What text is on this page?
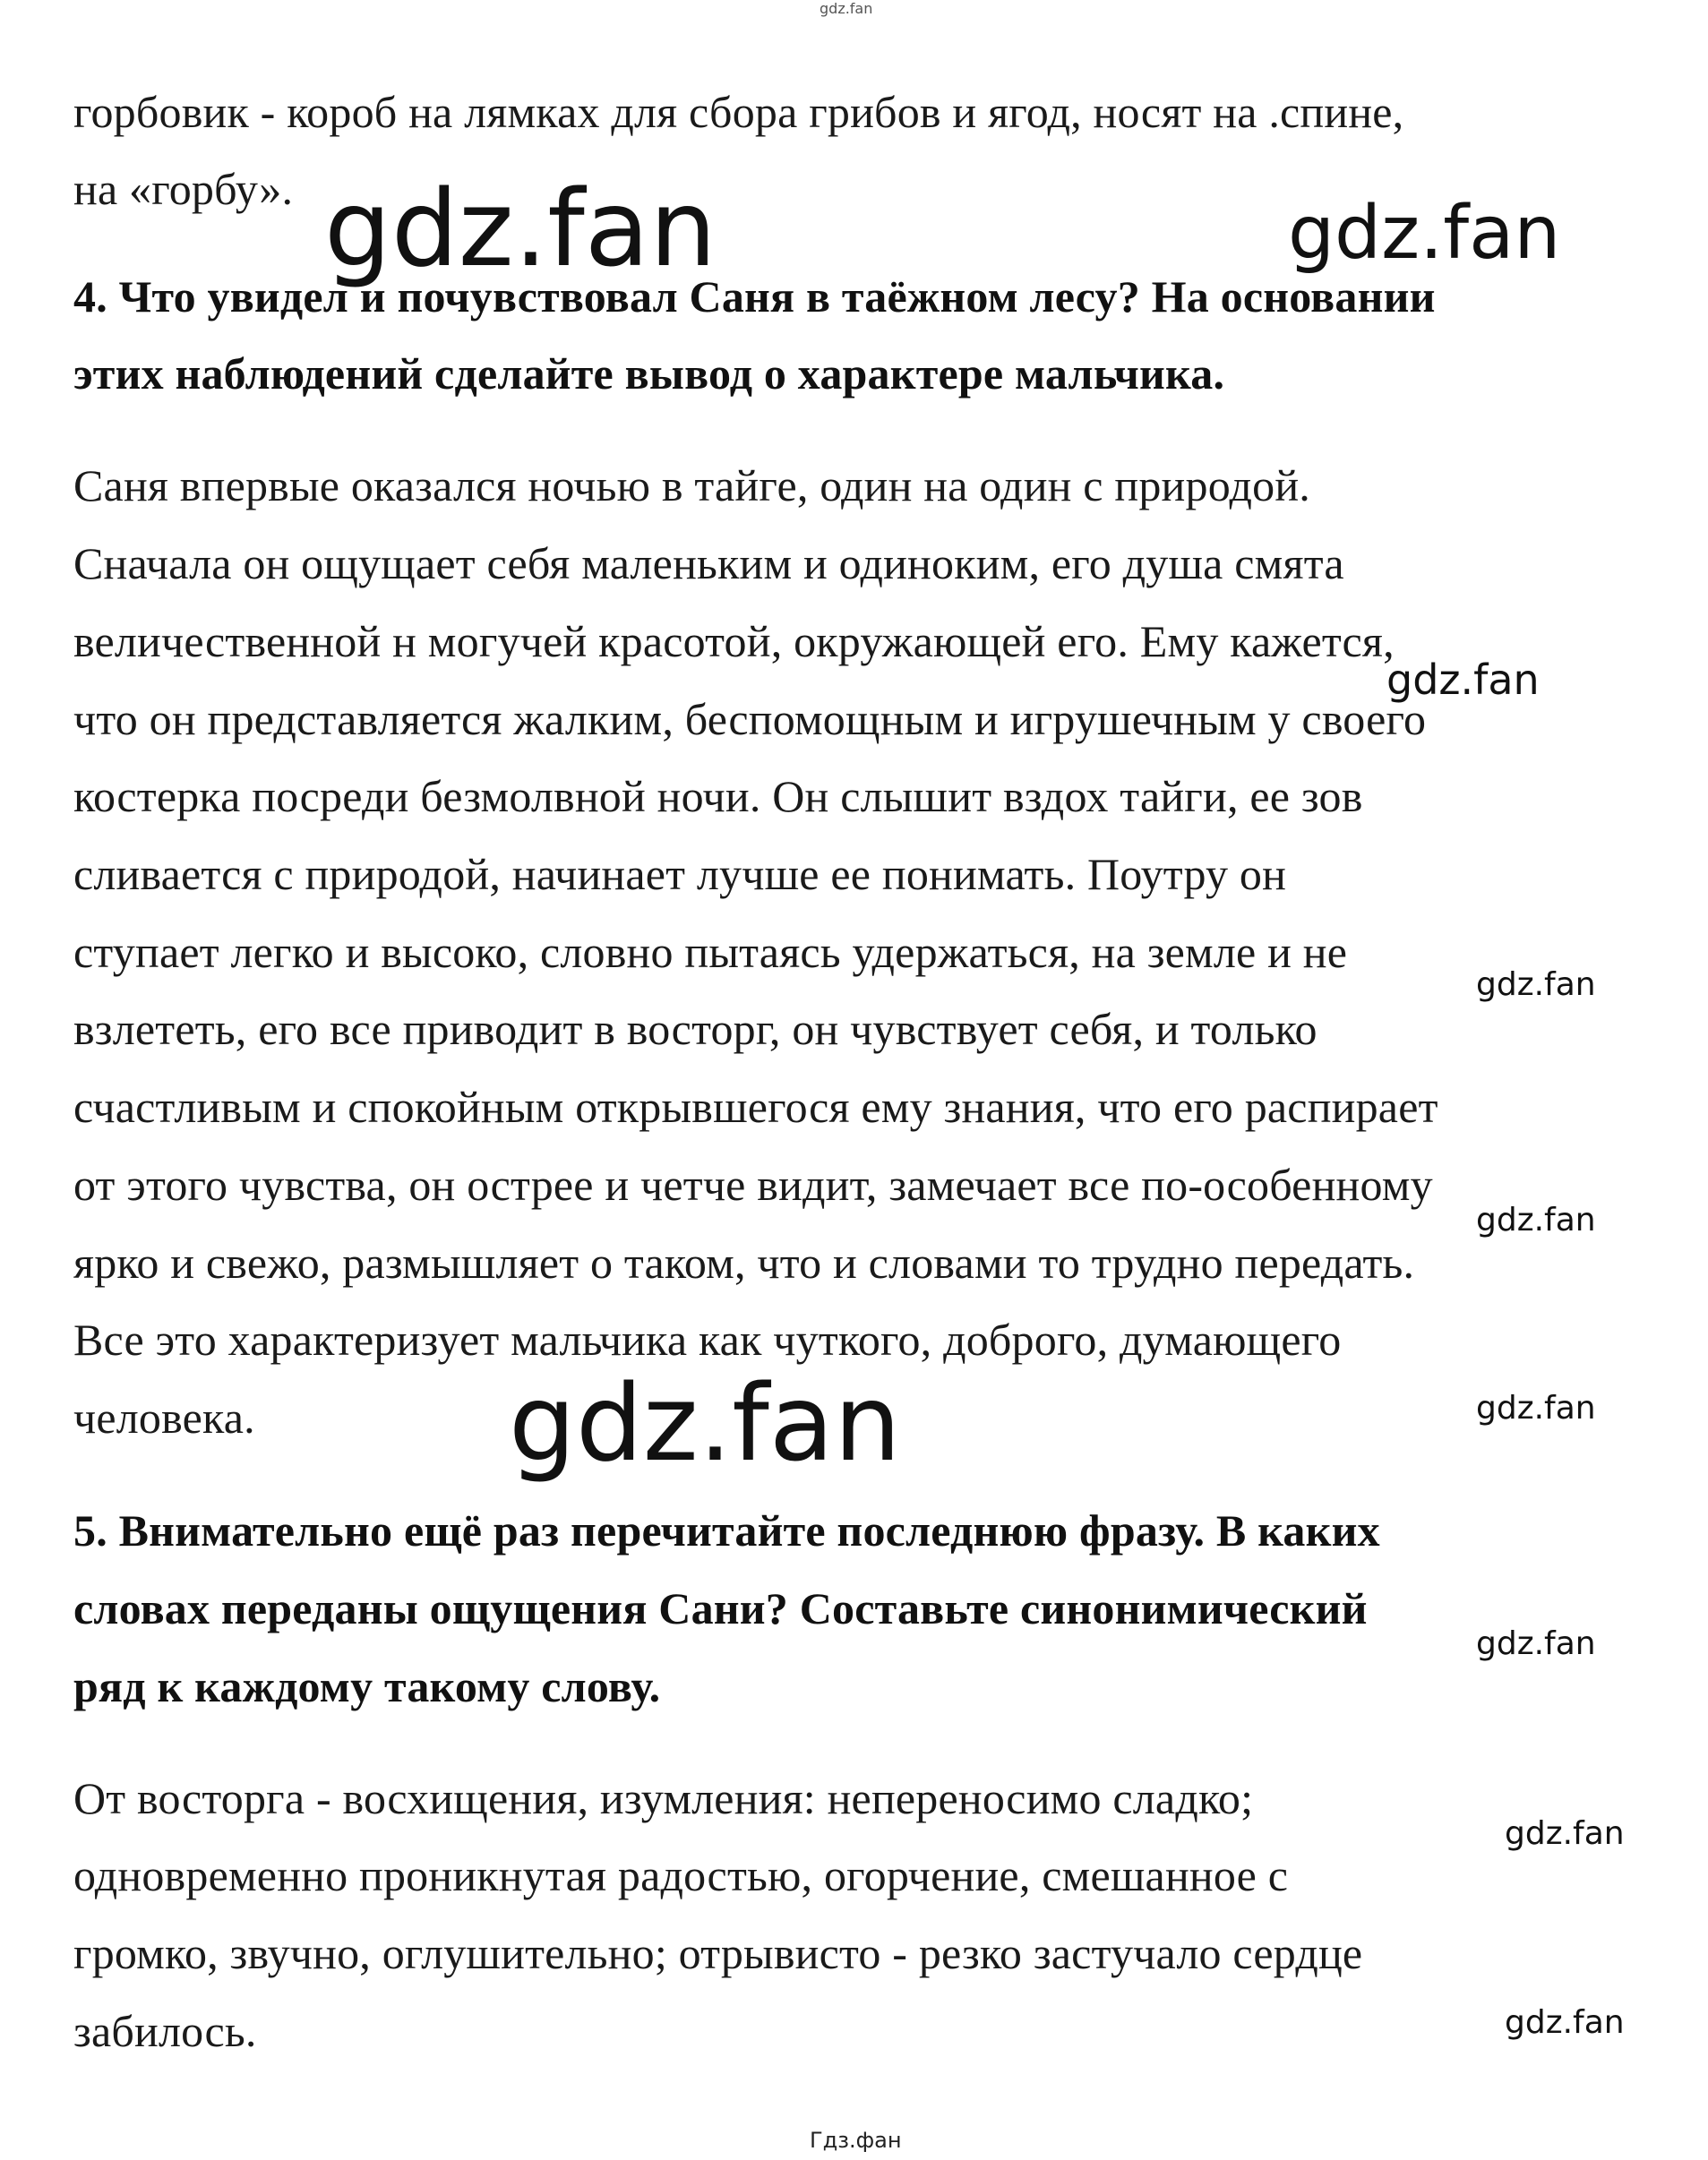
gdz.fan
горбовик - короб на лямках для сбора грибов и ягод, носят на .спине,
на «горбу». gdz.fan	gdz.fan
4. Что увидел и почувствовал Саня в таёжном лесу? На основании
этих наблюдений сделайте вывод о характере мальчика.
Саня впервые оказался ночью в тайге, один на один с природой.
Сначала он ощущает себя маленьким и одиноким, его душа смята
величественной н могучей красотой, окружающей его. Ему кажется,
что он представляется жалким, беспомощным и игрушечным у своего
костерка посреди безмолвной ночи. Он слышит вздох тайги, ее зов
сливается с природой, начинает лучше ее понимать. Поутру он
ступает легко и высоко, словно пытаясь удержаться, на земле и не
взлететь, его все приводит в восторг, он чувствует себя, и только
счастливым и спокойным открывшегося ему знания, что его распирает
от этого чувства, он острее и четче видит, замечает все по-особенному
ярко и свежо, размышляет о таком, что и словами то трудно передать.
Все это характеризует мальчика как чуткого, доброго, думающего
человека.
gdz.fan
gdz.fan
gdz.fan
gdz.fan	gdz.fan
5. Внимательно ещё раз перечитайте последнюю фразу. В каких
словах переданы ощущения Сани? Составьте синонимический
ряд к каждому такому слову.
gdz.fan
От восторга - восхищения, изумления: непереносимо сладко;
одновременно проникнутая радостью, огорчение, смешанное с
громко, звучно, оглушительно; отрывисто - резко застучало сердце
забилось.
gdz.fan
gdz.fan
Гдз.фан
